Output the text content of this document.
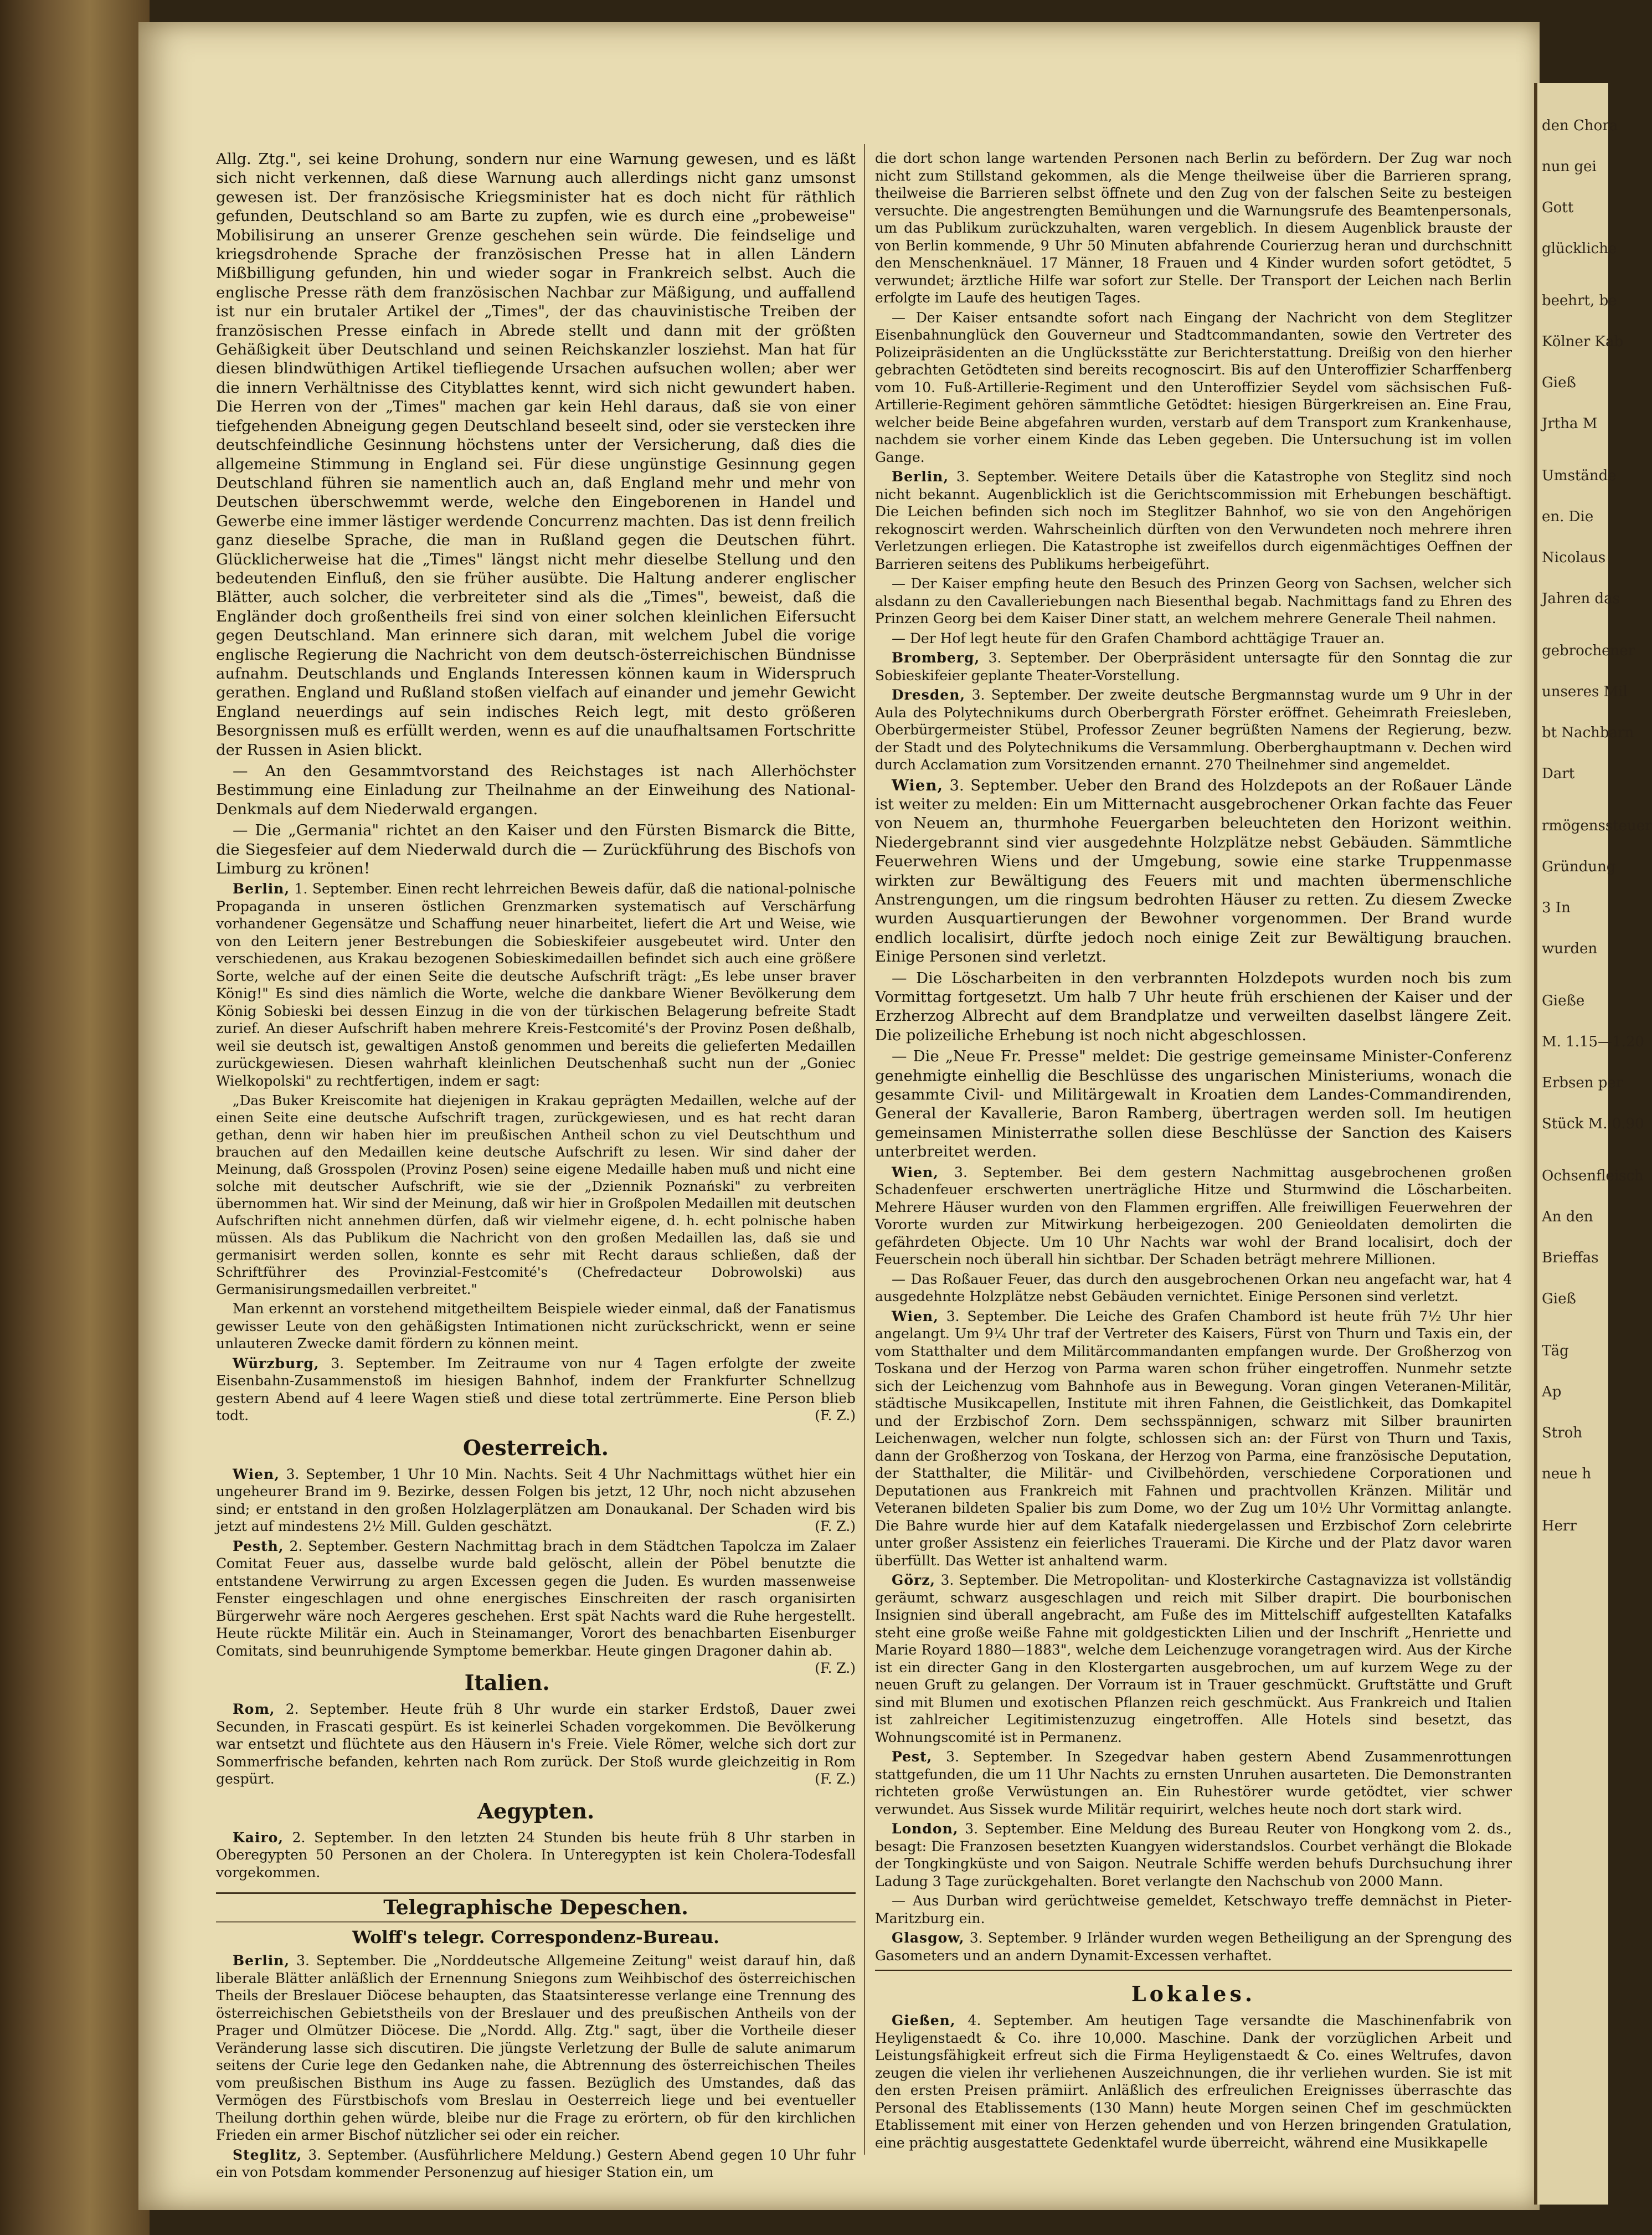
Allg. Ztg.", sei keine Drohung, sondern nur eine Warnung gewesen, und es läßt sich nicht verkennen, daß diese Warnung auch allerdings nicht ganz umsonst gewesen ist. Der französische Kriegsminister hat es doch nicht für räthlich gefunden, Deutschland so am Barte zu zupfen, wie es durch eine „probeweise" Mobilisirung an unserer Grenze geschehen sein würde. Die feindselige und kriegsdrohende Sprache der französischen Presse hat in allen Ländern Mißbilligung gefunden, hin und wieder sogar in Frankreich selbst. Auch die englische Presse räth dem französischen Nachbar zur Mäßigung, und auffallend ist nur ein brutaler Artikel der „Times", der das chauvinistische Treiben der französischen Presse einfach in Abrede stellt und dann mit der größten Gehäßigkeit über Deutschland und seinen Reichskanzler losziehst. Man hat für diesen blindwüthigen Artikel tiefliegende Ursachen aufsuchen wollen; aber wer die innern Verhältnisse des Cityblattes kennt, wird sich nicht gewundert haben. Die Herren von der „Times" machen gar kein Hehl daraus, daß sie von einer tiefgehenden Abneigung gegen Deutschland beseelt sind, oder sie verstecken ihre deutschfeindliche Gesinnung höchstens unter der Versicherung, daß dies die allgemeine Stimmung in England sei. Für diese ungünstige Gesinnung gegen Deutschland führen sie namentlich auch an, daß England mehr und mehr von Deutschen überschwemmt werde, welche den Eingeborenen in Handel und Gewerbe eine immer lästiger werdende Concurrenz machten. Das ist denn freilich ganz dieselbe Sprache, die man in Rußland gegen die Deutschen führt. Glücklicherweise hat die „Times" längst nicht mehr dieselbe Stellung und den bedeutenden Einfluß, den sie früher ausübte. Die Haltung anderer englischer Blätter, auch solcher, die verbreiteter sind als die „Times", beweist, daß die Engländer doch großentheils frei sind von einer solchen kleinlichen Eifersucht gegen Deutschland. Man erinnere sich daran, mit welchem Jubel die vorige englische Regierung die Nachricht von dem deutsch-österreichischen Bündnisse aufnahm. Deutschlands und Englands Interessen können kaum in Widerspruch gerathen. England und Rußland stoßen vielfach auf einander und jemehr Gewicht England neuerdings auf sein indisches Reich legt, mit desto größeren Besorgnissen muß es erfüllt werden, wenn es auf die unaufhaltsamen Fortschritte der Russen in Asien blickt.

— An den Gesammtvorstand des Reichstages ist nach Allerhöchster Bestimmung eine Einladung zur Theilnahme an der Einweihung des National-Denkmals auf dem Niederwald ergangen.

— Die „Germania" richtet an den Kaiser und den Fürsten Bismarck die Bitte, die Siegesfeier auf dem Niederwald durch die — Zurückführung des Bischofs von Limburg zu krönen!

Berlin, 1. September. Einen recht lehrreichen Beweis dafür, daß die national-polnische Propaganda in unseren östlichen Grenzmarken systematisch auf Verschärfung vorhandener Gegensätze und Schaffung neuer hinarbeitet, liefert die Art und Weise, wie von den Leitern jener Bestrebungen die Sobieskifeier ausgebeutet wird. Unter den verschiedenen, aus Krakau bezogenen Sobieskimedaillen befindet sich auch eine größere Sorte, welche auf der einen Seite die deutsche Aufschrift trägt: „Es lebe unser braver König!" Es sind dies nämlich die Worte, welche die dankbare Wiener Bevölkerung dem König Sobieski bei dessen Einzug in die von der türkischen Belagerung befreite Stadt zurief. An dieser Aufschrift haben mehrere Kreis-Festcomité's der Provinz Posen deßhalb, weil sie deutsch ist, gewaltigen Anstoß genommen und bereits die gelieferten Medaillen zurückgewiesen. Diesen wahrhaft kleinlichen Deutschenhaß sucht nun der „Goniec Wielkopolski" zu rechtfertigen, indem er sagt:

„Das Buker Kreiscomite hat diejenigen in Krakau geprägten Medaillen, welche auf der einen Seite eine deutsche Aufschrift tragen, zurückgewiesen, und es hat recht daran gethan, denn wir haben hier im preußischen Antheil schon zu viel Deutschthum und brauchen auf den Medaillen keine deutsche Aufschrift zu lesen. Wir sind daher der Meinung, daß Grosspolen (Provinz Posen) seine eigene Medaille haben muß und nicht eine solche mit deutscher Aufschrift, wie sie der „Dziennik Poznański" zu verbreiten übernommen hat. Wir sind der Meinung, daß wir hier in Großpolen Medaillen mit deutschen Aufschriften nicht annehmen dürfen, daß wir vielmehr eigene, d. h. echt polnische haben müssen. Als das Publikum die Nachricht von den großen Medaillen las, daß sie und germanisirt werden sollen, konnte es sehr mit Recht daraus schließen, daß der Schriftführer des Provinzial-Festcomité's (Chefredacteur Dobrowolski) aus Germanisirungsmedaillen verbreitet."

Man erkennt an vorstehend mitgetheiltem Beispiele wieder einmal, daß der Fanatismus gewisser Leute von den gehäßigsten Intimationen nicht zurückschrickt, wenn er seine unlauteren Zwecke damit fördern zu können meint.

Würzburg, 3. September. Im Zeitraume von nur 4 Tagen erfolgte der zweite Eisenbahn-Zusammenstoß im hiesigen Bahnhof, indem der Frankfurter Schnellzug gestern Abend auf 4 leere Wagen stieß und diese total zertrümmerte. Eine Person blieb todt.	(F. Z.)

Oesterreich.

Wien, 3. September, 1 Uhr 10 Min. Nachts. Seit 4 Uhr Nachmittags wüthet hier ein ungeheurer Brand im 9. Bezirke, dessen Folgen bis jetzt, 12 Uhr, noch nicht abzusehen sind; er entstand in den großen Holzlagerplätzen am Donaukanal. Der Schaden wird bis jetzt auf mindestens 2½ Mill. Gulden geschätzt.	(F. Z.)

Pesth, 2. September. Gestern Nachmittag brach in dem Städtchen Tapolcza im Zalaer Comitat Feuer aus, dasselbe wurde bald gelöscht, allein der Pöbel benutzte die entstandene Verwirrung zu argen Excessen gegen die Juden. Es wurden massenweise Fenster eingeschlagen und ohne energisches Einschreiten der rasch organisirten Bürgerwehr wäre noch Aergeres geschehen. Erst spät Nachts ward die Ruhe hergestellt. Heute rückte Militär ein. Auch in Steinamanger, Vorort des benachbarten Eisenburger Comitats, sind beunruhigende Symptome bemerkbar. Heute gingen Dragoner dahin ab.
(F. Z.)

Italien.

Rom, 2. September. Heute früh 8 Uhr wurde ein starker Erdstoß, Dauer zwei Secunden, in Frascati gespürt. Es ist keinerlei Schaden vorgekommen. Die Bevölkerung war entsetzt und flüchtete aus den Häusern in's Freie. Viele Römer, welche sich dort zur Sommerfrische befanden, kehrten nach Rom zurück. Der Stoß wurde gleichzeitig in Rom gespürt.	(F. Z.)

Aegypten.

Kairo, 2. September. In den letzten 24 Stunden bis heute früh 8 Uhr starben in Oberegypten 50 Personen an der Cholera. In Unteregypten ist kein Cholera-Todesfall vorgekommen.

Telegraphische Depeschen.
Wolff's telegr. Correspondenz-Bureau.

Berlin, 3. September. Die „Norddeutsche Allgemeine Zeitung" weist darauf hin, daß liberale Blätter anläßlich der Ernennung Sniegons zum Weihbischof des österreichischen Theils der Breslauer Diöcese behaupten, das Staatsinteresse verlange eine Trennung des österreichischen Gebietstheils von der Breslauer und des preußischen Antheils von der Prager und Olmützer Diöcese. Die „Nordd. Allg. Ztg." sagt, über die Vortheile dieser Veränderung lasse sich discutiren. Die jüngste Verletzung der Bulle de salute animarum seitens der Curie lege den Gedanken nahe, die Abtrennung des österreichischen Theiles vom preußischen Bisthum ins Auge zu fassen. Bezüglich des Umstandes, daß das Vermögen des Fürstbischofs vom Breslau in Oesterreich liege und bei eventueller Theilung dorthin gehen würde, bleibe nur die Frage zu erörtern, ob für den kirchlichen Frieden ein armer Bischof nützlicher sei oder ein reicher.

Steglitz, 3. September. (Ausführlichere Meldung.) Gestern Abend gegen 10 Uhr fuhr ein von Potsdam kommender Personenzug auf hiesiger Station ein, um

die dort schon lange wartenden Personen nach Berlin zu befördern. Der Zug war noch nicht zum Stillstand gekommen, als die Menge theilweise über die Barrieren sprang, theilweise die Barrieren selbst öffnete und den Zug von der falschen Seite zu besteigen versuchte. Die angestrengten Bemühungen und die Warnungsrufe des Beamtenpersonals, um das Publikum zurückzuhalten, waren vergeblich. In diesem Augenblick brauste der von Berlin kommende, 9 Uhr 50 Minuten abfahrende Courierzug heran und durchschnitt den Menschenknäuel. 17 Männer, 18 Frauen und 4 Kinder wurden sofort getödtet, 5 verwundet; ärztliche Hilfe war sofort zur Stelle. Der Transport der Leichen nach Berlin erfolgte im Laufe des heutigen Tages.

— Der Kaiser entsandte sofort nach Eingang der Nachricht von dem Steglitzer Eisenbahnunglück den Gouverneur und Stadtcommandanten, sowie den Vertreter des Polizeipräsidenten an die Unglücksstätte zur Berichterstattung. Dreißig von den hierher gebrachten Getödteten sind bereits recognoscirt. Bis auf den Unteroffizier Scharffenberg vom 10. Fuß-Artillerie-Regiment und den Unteroffizier Seydel vom sächsischen Fuß-Artillerie-Regiment gehören sämmtliche Getödtet: hiesigen Bürgerkreisen an. Eine Frau, welcher beide Beine abgefahren wurden, verstarb auf dem Transport zum Krankenhause, nachdem sie vorher einem Kinde das Leben gegeben. Die Untersuchung ist im vollen Gange.

Berlin, 3. September. Weitere Details über die Katastrophe von Steglitz sind noch nicht bekannt. Augenblicklich ist die Gerichtscommission mit Erhebungen beschäftigt. Die Leichen befinden sich noch im Steglitzer Bahnhof, wo sie von den Angehörigen rekognoscirt werden. Wahrscheinlich dürften von den Verwundeten noch mehrere ihren Verletzungen erliegen. Die Katastrophe ist zweifellos durch eigenmächtiges Oeffnen der Barrieren seitens des Publikums herbeigeführt.

— Der Kaiser empfing heute den Besuch des Prinzen Georg von Sachsen, welcher sich alsdann zu den Cavalleriebungen nach Biesenthal begab. Nachmittags fand zu Ehren des Prinzen Georg bei dem Kaiser Diner statt, an welchem mehrere Generale Theil nahmen.

— Der Hof legt heute für den Grafen Chambord achttägige Trauer an.

Bromberg, 3. September. Der Oberpräsident untersagte für den Sonntag die zur Sobieskifeier geplante Theater-Vorstellung.

Dresden, 3. September. Der zweite deutsche Bergmannstag wurde um 9 Uhr in der Aula des Polytechnikums durch Oberbergrath Förster eröffnet. Geheimrath Freiesleben, Oberbürgermeister Stübel, Professor Zeuner begrüßten Namens der Regierung, bezw. der Stadt und des Polytechnikums die Versammlung. Oberberghauptmann v. Dechen wird durch Acclamation zum Vorsitzenden ernannt. 270 Theilnehmer sind angemeldet.

Wien, 3. September. Ueber den Brand des Holzdepots an der Roßauer Lände ist weiter zu melden: Ein um Mitternacht ausgebrochener Orkan fachte das Feuer von Neuem an, thurmhohe Feuergarben beleuchteten den Horizont weithin. Niedergebrannt sind vier ausgedehnte Holzplätze nebst Gebäuden. Sämmtliche Feuerwehren Wiens und der Umgebung, sowie eine starke Truppenmasse wirkten zur Bewältigung des Feuers mit und machten übermenschliche Anstrengungen, um die ringsum bedrohten Häuser zu retten. Zu diesem Zwecke wurden Ausquartierungen der Bewohner vorgenommen. Der Brand wurde endlich localisirt, dürfte jedoch noch einige Zeit zur Bewältigung brauchen. Einige Personen sind verletzt.

— Die Löscharbeiten in den verbrannten Holzdepots wurden noch bis zum Vormittag fortgesetzt. Um halb 7 Uhr heute früh erschienen der Kaiser und der Erzherzog Albrecht auf dem Brandplatze und verweilten daselbst längere Zeit. Die polizeiliche Erhebung ist noch nicht abgeschlossen.

— Die „Neue Fr. Presse" meldet: Die gestrige gemeinsame Minister-Conferenz genehmigte einhellig die Beschlüsse des ungarischen Ministeriums, wonach die gesammte Civil- und Militärgewalt in Kroatien dem Landes-Commandirenden, General der Kavallerie, Baron Ramberg, übertragen werden soll. Im heutigen gemeinsamen Ministerrathe sollen diese Beschlüsse der Sanction des Kaisers unterbreitet werden.

Wien, 3. September. Bei dem gestern Nachmittag ausgebrochenen großen Schadenfeuer erschwerten unerträgliche Hitze und Sturmwind die Löscharbeiten. Mehrere Häuser wurden von den Flammen ergriffen. Alle freiwilligen Feuerwehren der Vororte wurden zur Mitwirkung herbeigezogen. 200 Genieoldaten demolirten die gefährdeten Objecte. Um 10 Uhr Nachts war wohl der Brand localisirt, doch der Feuerschein noch überall hin sichtbar. Der Schaden beträgt mehrere Millionen.

— Das Roßauer Feuer, das durch den ausgebrochenen Orkan neu angefacht war, hat 4 ausgedehnte Holzplätze nebst Gebäuden vernichtet. Einige Personen sind verletzt.

Wien, 3. September. Die Leiche des Grafen Chambord ist heute früh 7½ Uhr hier angelangt. Um 9¼ Uhr traf der Vertreter des Kaisers, Fürst von Thurn und Taxis ein, der vom Statthalter und dem Militärcommandanten empfangen wurde. Der Großherzog von Toskana und der Herzog von Parma waren schon früher eingetroffen. Nunmehr setzte sich der Leichenzug vom Bahnhofe aus in Bewegung. Voran gingen Veteranen-Militär, städtische Musikcapellen, Institute mit ihren Fahnen, die Geistlichkeit, das Domkapitel und der Erzbischof Zorn. Dem sechsspännigen, schwarz mit Silber braunirten Leichenwagen, welcher nun folgte, schlossen sich an: der Fürst von Thurn und Taxis, dann der Großherzog von Toskana, der Herzog von Parma, eine französische Deputation, der Statthalter, die Militär- und Civilbehörden, verschiedene Corporationen und Deputationen aus Frankreich mit Fahnen und prachtvollen Kränzen. Militär und Veteranen bildeten Spalier bis zum Dome, wo der Zug um 10½ Uhr Vormittag anlangte. Die Bahre wurde hier auf dem Katafalk niedergelassen und Erzbischof Zorn celebrirte unter großer Assistenz ein feierliches Trauerami. Die Kirche und der Platz davor waren überfüllt. Das Wetter ist anhaltend warm.

Görz, 3. September. Die Metropolitan- und Klosterkirche Castagnavizza ist vollständig geräumt, schwarz ausgeschlagen und reich mit Silber drapirt. Die bourbonischen Insignien sind überall angebracht, am Fuße des im Mittelschiff aufgestellten Katafalks steht eine große weiße Fahne mit goldgestickten Lilien und der Inschrift „Henriette und Marie Royard 1880—1883", welche dem Leichenzuge vorangetragen wird. Aus der Kirche ist ein directer Gang in den Klostergarten ausgebrochen, um auf kurzem Wege zu der neuen Gruft zu gelangen. Der Vorraum ist in Trauer geschmückt. Gruftstätte und Gruft sind mit Blumen und exotischen Pflanzen reich geschmückt. Aus Frankreich und Italien ist zahlreicher Legitimistenzuzug eingetroffen. Alle Hotels sind besetzt, das Wohnungscomité ist in Permanenz.

Pest, 3. September. In Szegedvar haben gestern Abend Zusammenrottungen stattgefunden, die um 11 Uhr Nachts zu ernsten Unruhen ausarteten. Die Demonstranten richteten große Verwüstungen an. Ein Ruhestörer wurde getödtet, vier schwer verwundet. Aus Sissek wurde Militär requirirt, welches heute noch dort stark wird.

London, 3. September. Eine Meldung des Bureau Reuter von Hongkong vom 2. ds., besagt: Die Franzosen besetzten Kuangyen widerstandslos. Courbet verhängt die Blokade der Tongkingküste und von Saigon. Neutrale Schiffe werden behufs Durchsuchung ihrer Ladung 3 Tage zurückgehalten. Boret verlangte den Nachschub von 2000 Mann.

— Aus Durban wird gerüchtweise gemeldet, Ketschwayo treffe demnächst in Pieter-Maritzburg ein.

Glasgow, 3. September. 9 Irländer wurden wegen Betheiligung an der Sprengung des Gasometers und an andern Dynamit-Excessen verhaftet.

Lokales.

Gießen, 4. September. Am heutigen Tage versandte die Maschinenfabrik von Heyligenstaedt & Co. ihre 10,000. Maschine. Dank der vorzüglichen Arbeit und Leistungsfähigkeit erfreut sich die Firma Heyligenstaedt & Co. eines Weltrufes, davon zeugen die vielen ihr verliehenen Auszeichnungen, die ihr verliehen wurden. Sie ist mit den ersten Preisen prämiirt. Anläßlich des erfreulichen Ereignisses überraschte das Personal des Etablissements (130 Mann) heute Morgen seinen Chef im geschmückten Etablissement mit einer von Herzen gehenden und von Herzen bringenden Gratulation, eine prächtig ausgestattete Gedenktafel wurde überreicht, während eine Musikkapelle

den Chora
nun gei
Gott
glückliche
beehrt, be
Kölner Kab
Gieß
Jrtha M
Umstände
en. Die
Nicolaus
Jahren das
gebrochener
unseres Mil
bt Nachbarn
Dart
rmögenssteuer
Gründung
3 In
wurden
Gieße
M. 1.15—1.20
Erbsen per
Stück M. 0.90
Ochsenfleisch
An den
Brieffas
Gieß
Täg
Ap
Stroh
neue h
Herr
